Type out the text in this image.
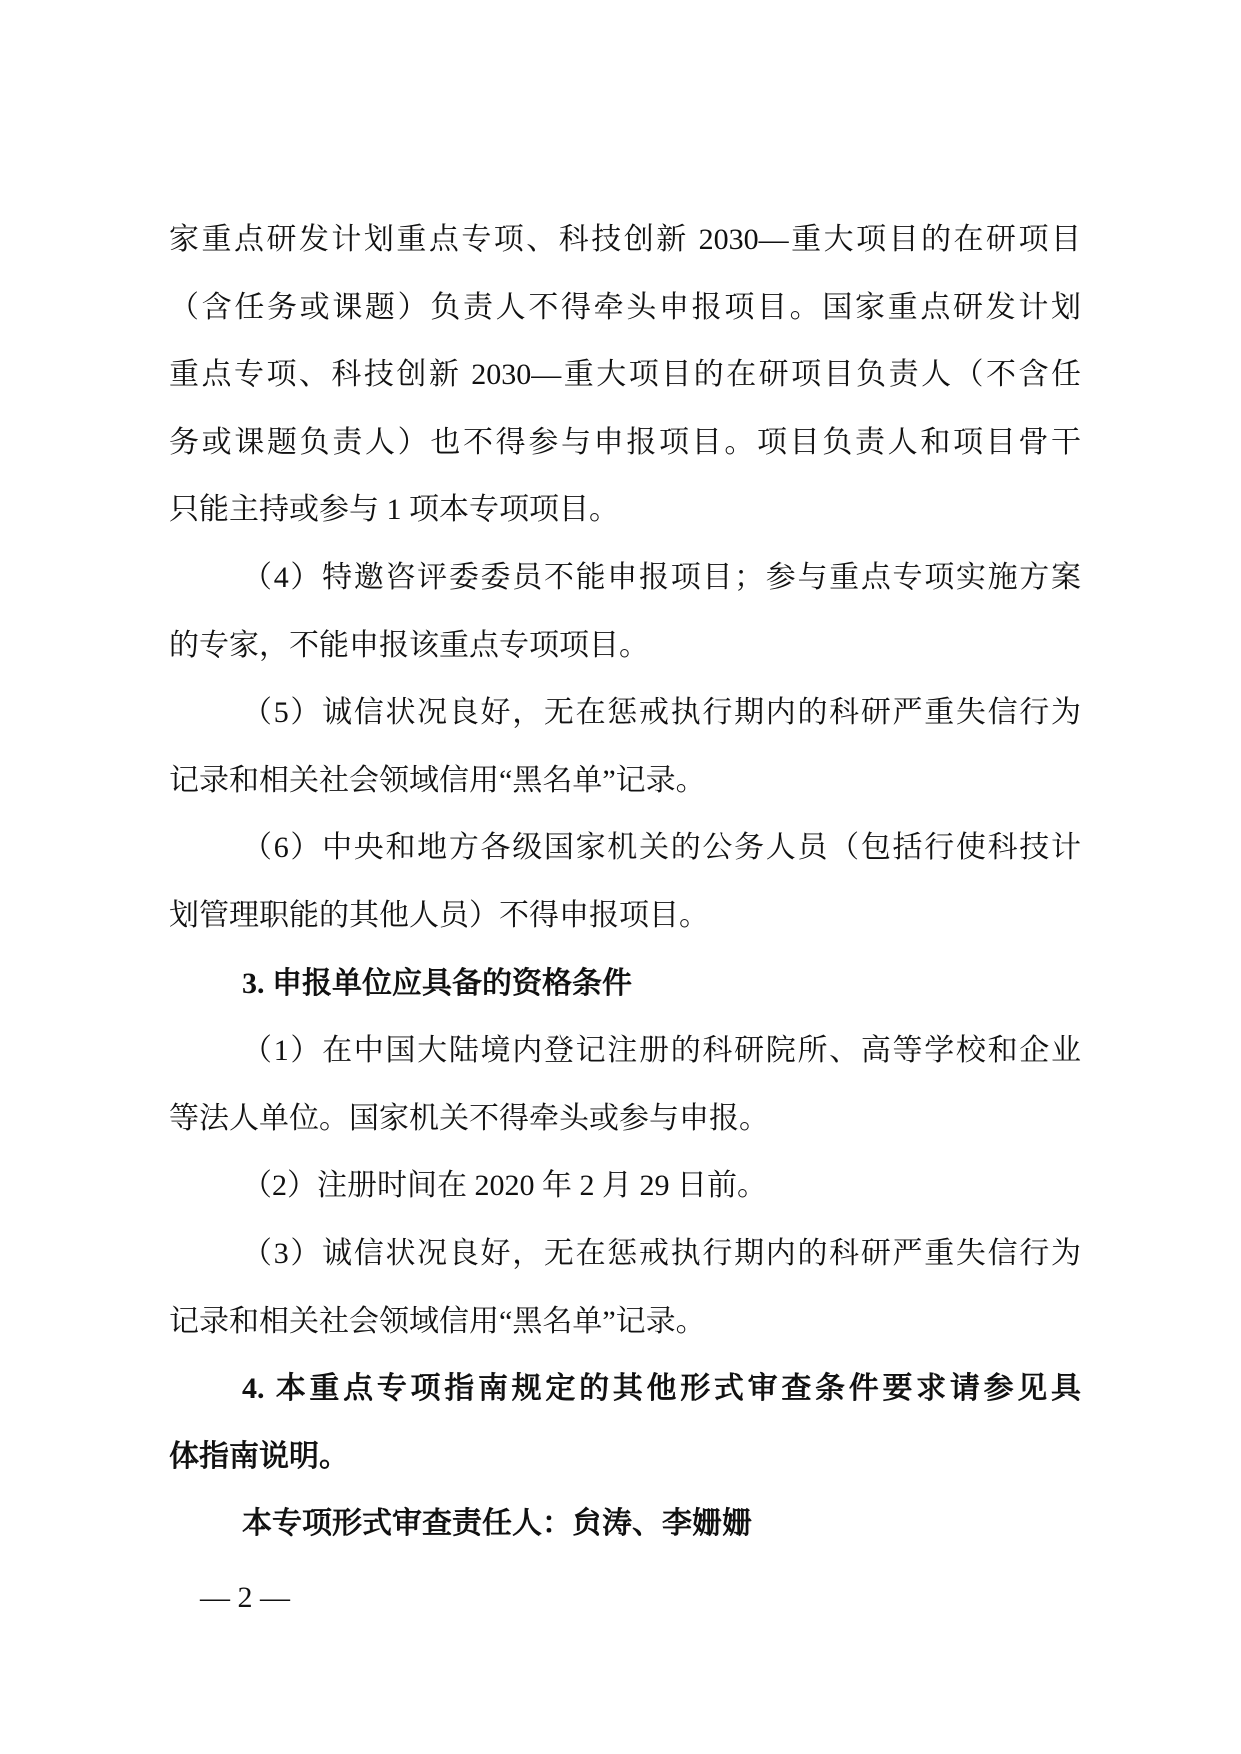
家重点研发计划重点专项、科技创新 2030—重大项目的在研项目
（含任务或课题）负责人不得牵头申报项目。国家重点研发计划
重点专项、科技创新 2030—重大项目的在研项目负责人（不含任
务或课题负责人）也不得参与申报项目。项目负责人和项目骨干
只能主持或参与 1 项本专项项目。
（4）特邀咨评委委员不能申报项目；参与重点专项实施方案
的专家，不能申报该重点专项项目。
（5）诚信状况良好，无在惩戒执行期内的科研严重失信行为
记录和相关社会领域信用“黑名单”记录。
（6）中央和地方各级国家机关的公务人员（包括行使科技计
划管理职能的其他人员）不得申报项目。
3. 申报单位应具备的资格条件
（1）在中国大陆境内登记注册的科研院所、高等学校和企业
等法人单位。国家机关不得牵头或参与申报。
（2）注册时间在 2020 年 2 月 29 日前。
（3）诚信状况良好，无在惩戒执行期内的科研严重失信行为
记录和相关社会领域信用“黑名单”记录。
4. 本重点专项指南规定的其他形式审查条件要求请参见具
体指南说明。
本专项形式审查责任人：贠涛、李姗姗
— 2 —
